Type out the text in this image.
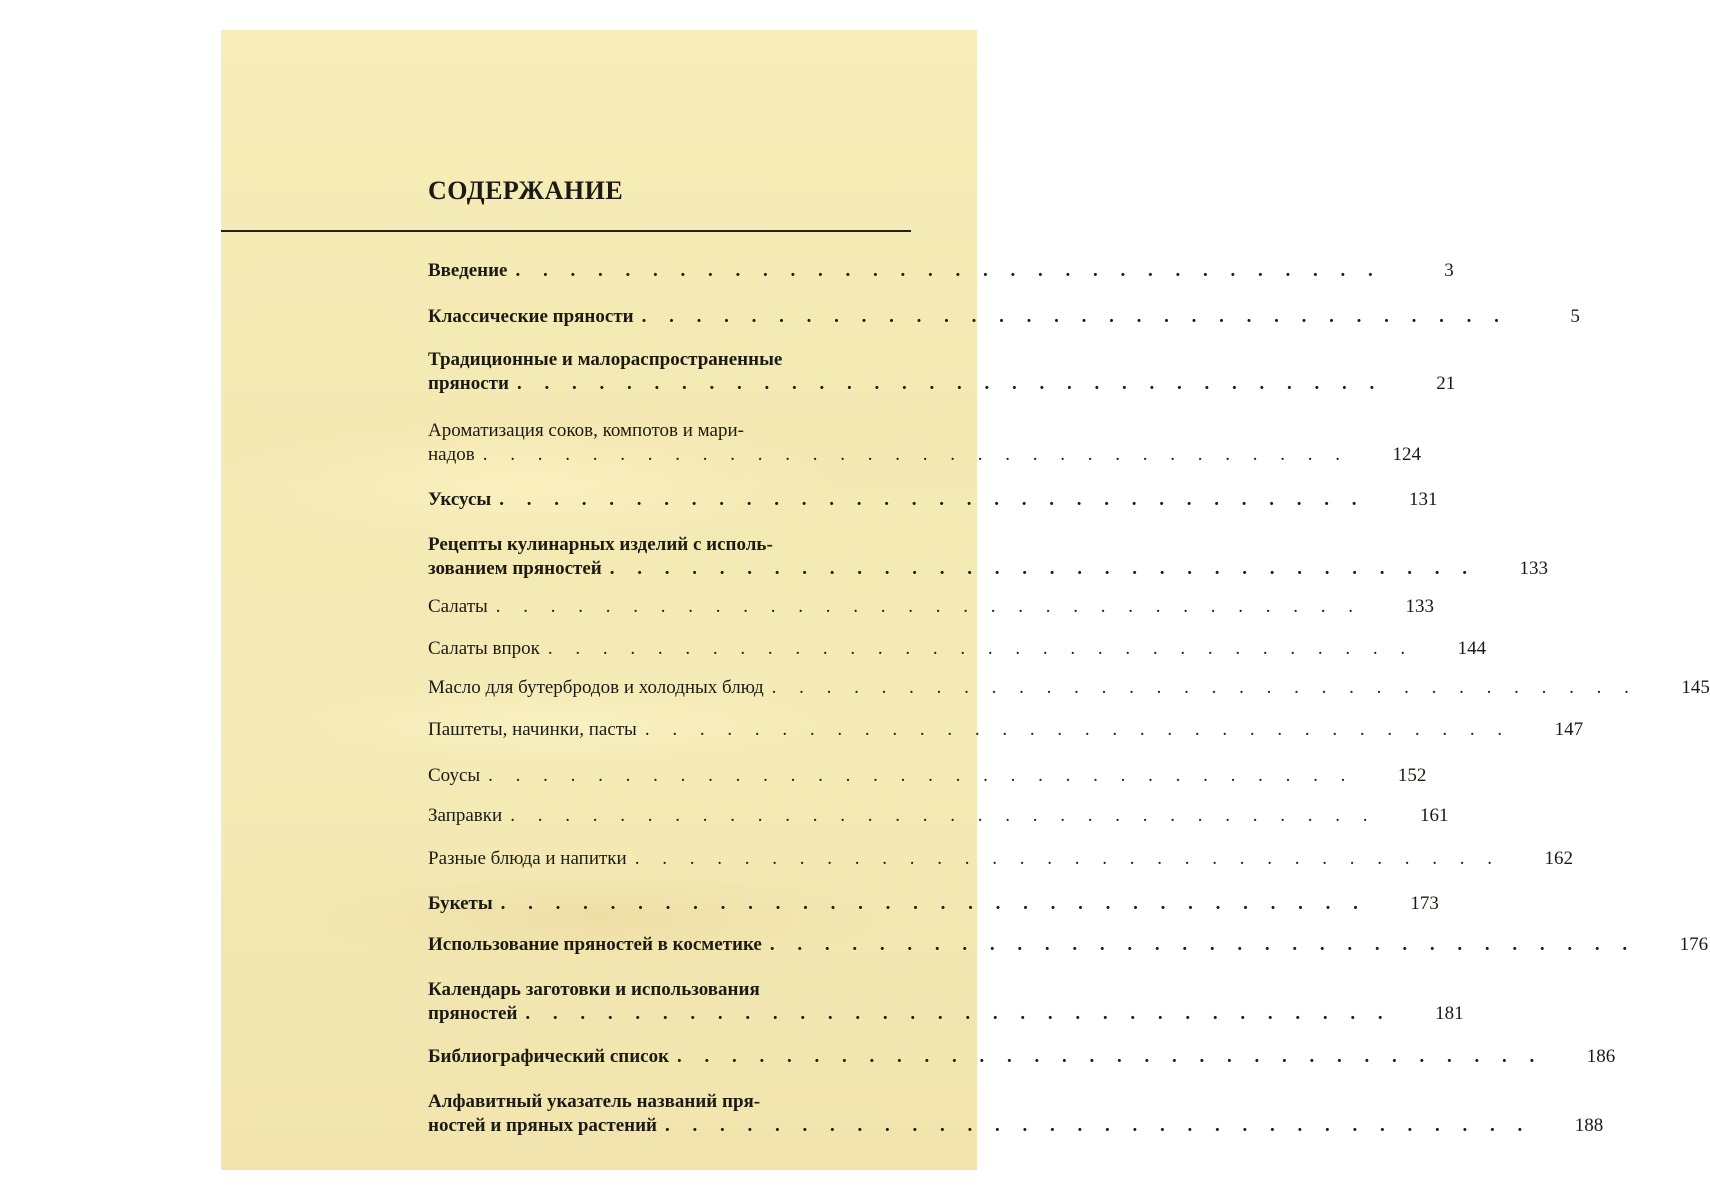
СОДЕРЖАНИЕ
Введение . . . . . . . . . . . . . . . . . . . . . . . . . . . . . . . .	3
Классические пряности . . . . . . . . . . . . . . . . . . . . . . . . . . . . . . . .	5
Традиционные и малораспространенные
пряности . . . . . . . . . . . . . . . . . . . . . . . . . . . . . . . .	21
Ароматизация соков, компотов и мари-
надов . . . . . . . . . . . . . . . . . . . . . . . . . . . . . . . .	124
Уксусы . . . . . . . . . . . . . . . . . . . . . . . . . . . . . . . .	131
Рецепты кулинарных изделий с исполь-
зованием пряностей . . . . . . . . . . . . . . . . . . . . . . . . . . . . . . . .	133
Салаты . . . . . . . . . . . . . . . . . . . . . . . . . . . . . . . .	133
Салаты впрок . . . . . . . . . . . . . . . . . . . . . . . . . . . . . . . .	144
Масло для бутербродов и холодных блюд . . . . . . . . . . . . . . . . . . . . . . . . . . . . . . . .	145
Паштеты, начинки, пасты . . . . . . . . . . . . . . . . . . . . . . . . . . . . . . . .	147
Соусы . . . . . . . . . . . . . . . . . . . . . . . . . . . . . . . .	152
Заправки . . . . . . . . . . . . . . . . . . . . . . . . . . . . . . . .	161
Разные блюда и напитки . . . . . . . . . . . . . . . . . . . . . . . . . . . . . . . .	162
Букеты . . . . . . . . . . . . . . . . . . . . . . . . . . . . . . . .	173
Использование пряностей в косметике . . . . . . . . . . . . . . . . . . . . . . . . . . . . . . . .	176
Календарь заготовки и использования
пряностей . . . . . . . . . . . . . . . . . . . . . . . . . . . . . . . .	181
Библиографический список . . . . . . . . . . . . . . . . . . . . . . . . . . . . . . . .	186
Алфавитный указатель названий пря-
ностей и пряных растений . . . . . . . . . . . . . . . . . . . . . . . . . . . . . . . .	188
